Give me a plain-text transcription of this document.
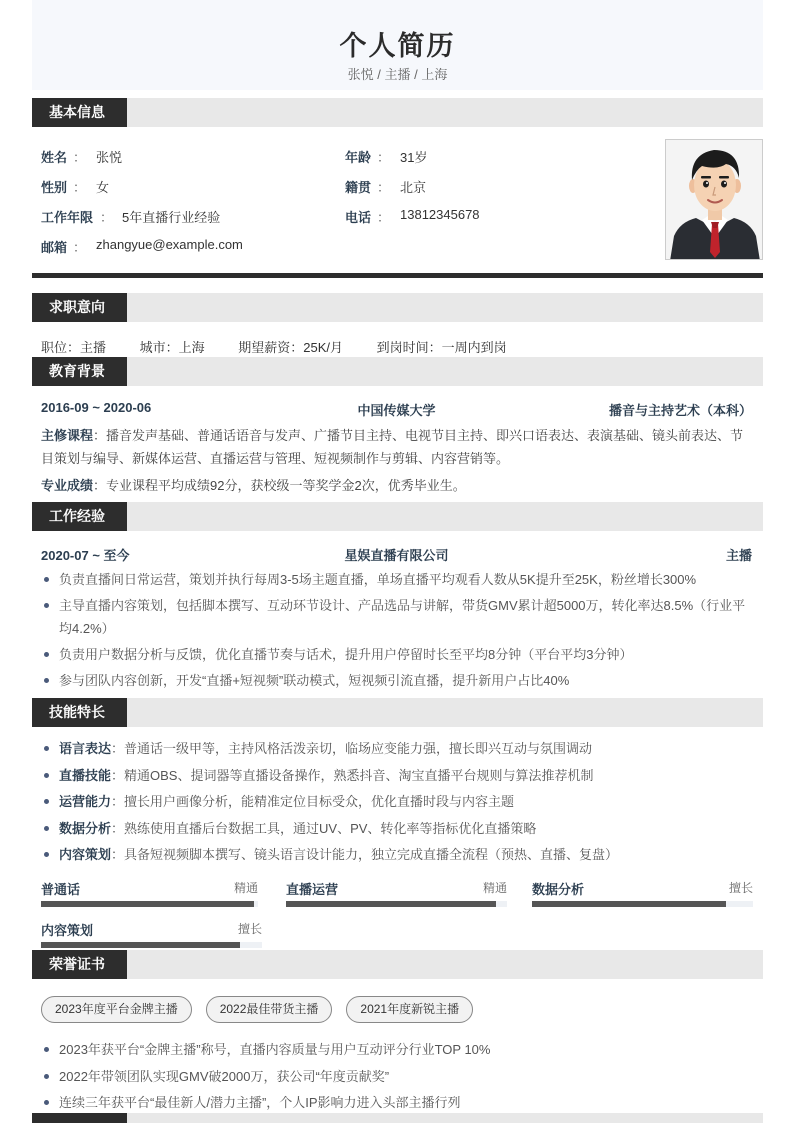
个人简历
张悦 / 主播 / 上海
基本信息
姓名 ： 张悦	年龄 ： 31岁
性别 ： 女	籍贯 ： 北京
工作年限 ： 5年直播行业经验	电话 ： 13812345678
邮箱 ： zhangyue@example.com
求职意向
职位：主播	城市：上海	期望薪资：25K/月	到岗时间：一周内到岗
教育背景
2016-09 ~ 2020-06	中国传媒大学	播音与主持艺术（本科）
主修课程：播音发声基础、普通话语音与发声、广播节目主持、电视节目主持、即兴口语表达、表演基础、镜头前表达、节目策划与编导、新媒体运营、直播运营与管理、短视频制作与剪辑、内容营销等。
专业成绩：专业课程平均成绩92分，获校级一等奖学金2次，优秀毕业生。
工作经验
2020-07 ~ 至今	星娱直播有限公司	主播
负责直播间日常运营，策划并执行每周3-5场主题直播，单场直播平均观看人数从5K提升至25K，粉丝增长300%
主导直播内容策划，包括脚本撰写、互动环节设计、产品选品与讲解，带货GMV累计超5000万，转化率达8.5%（行业平均4.2%）
负责用户数据分析与反馈，优化直播节奏与话术，提升用户停留时长至平均8分钟（平台平均3分钟）
参与团队内容创新，开发“直播+短视频”联动模式，短视频引流直播，提升新用户占比40%
技能特长
语言表达：普通话一级甲等，主持风格活泼亲切，临场应变能力强，擅长即兴互动与氛围调动
直播技能：精通OBS、提词器等直播设备操作，熟悉抖音、淘宝直播平台规则与算法推荐机制
运营能力：擅长用户画像分析，能精准定位目标受众，优化直播时段与内容主题
数据分析：熟练使用直播后台数据工具，通过UV、PV、转化率等指标优化直播策略
内容策划：具备短视频脚本撰写、镜头语言设计能力，独立完成直播全流程（预热、直播、复盘）
普通话	精通 直播运营	精通 数据分析	擅长
内容策划	擅长
荣誉证书
2023年度平台金牌主播	2022最佳带货主播	2021年度新锐主播
2023年获平台“金牌主播”称号，直播内容质量与用户互动评分行业TOP 10%
2022年带领团队实现GMV破2000万，获公司“年度贡献奖”
连续三年获平台“最佳新人/潜力主播”，个人IP影响力进入头部主播行列
